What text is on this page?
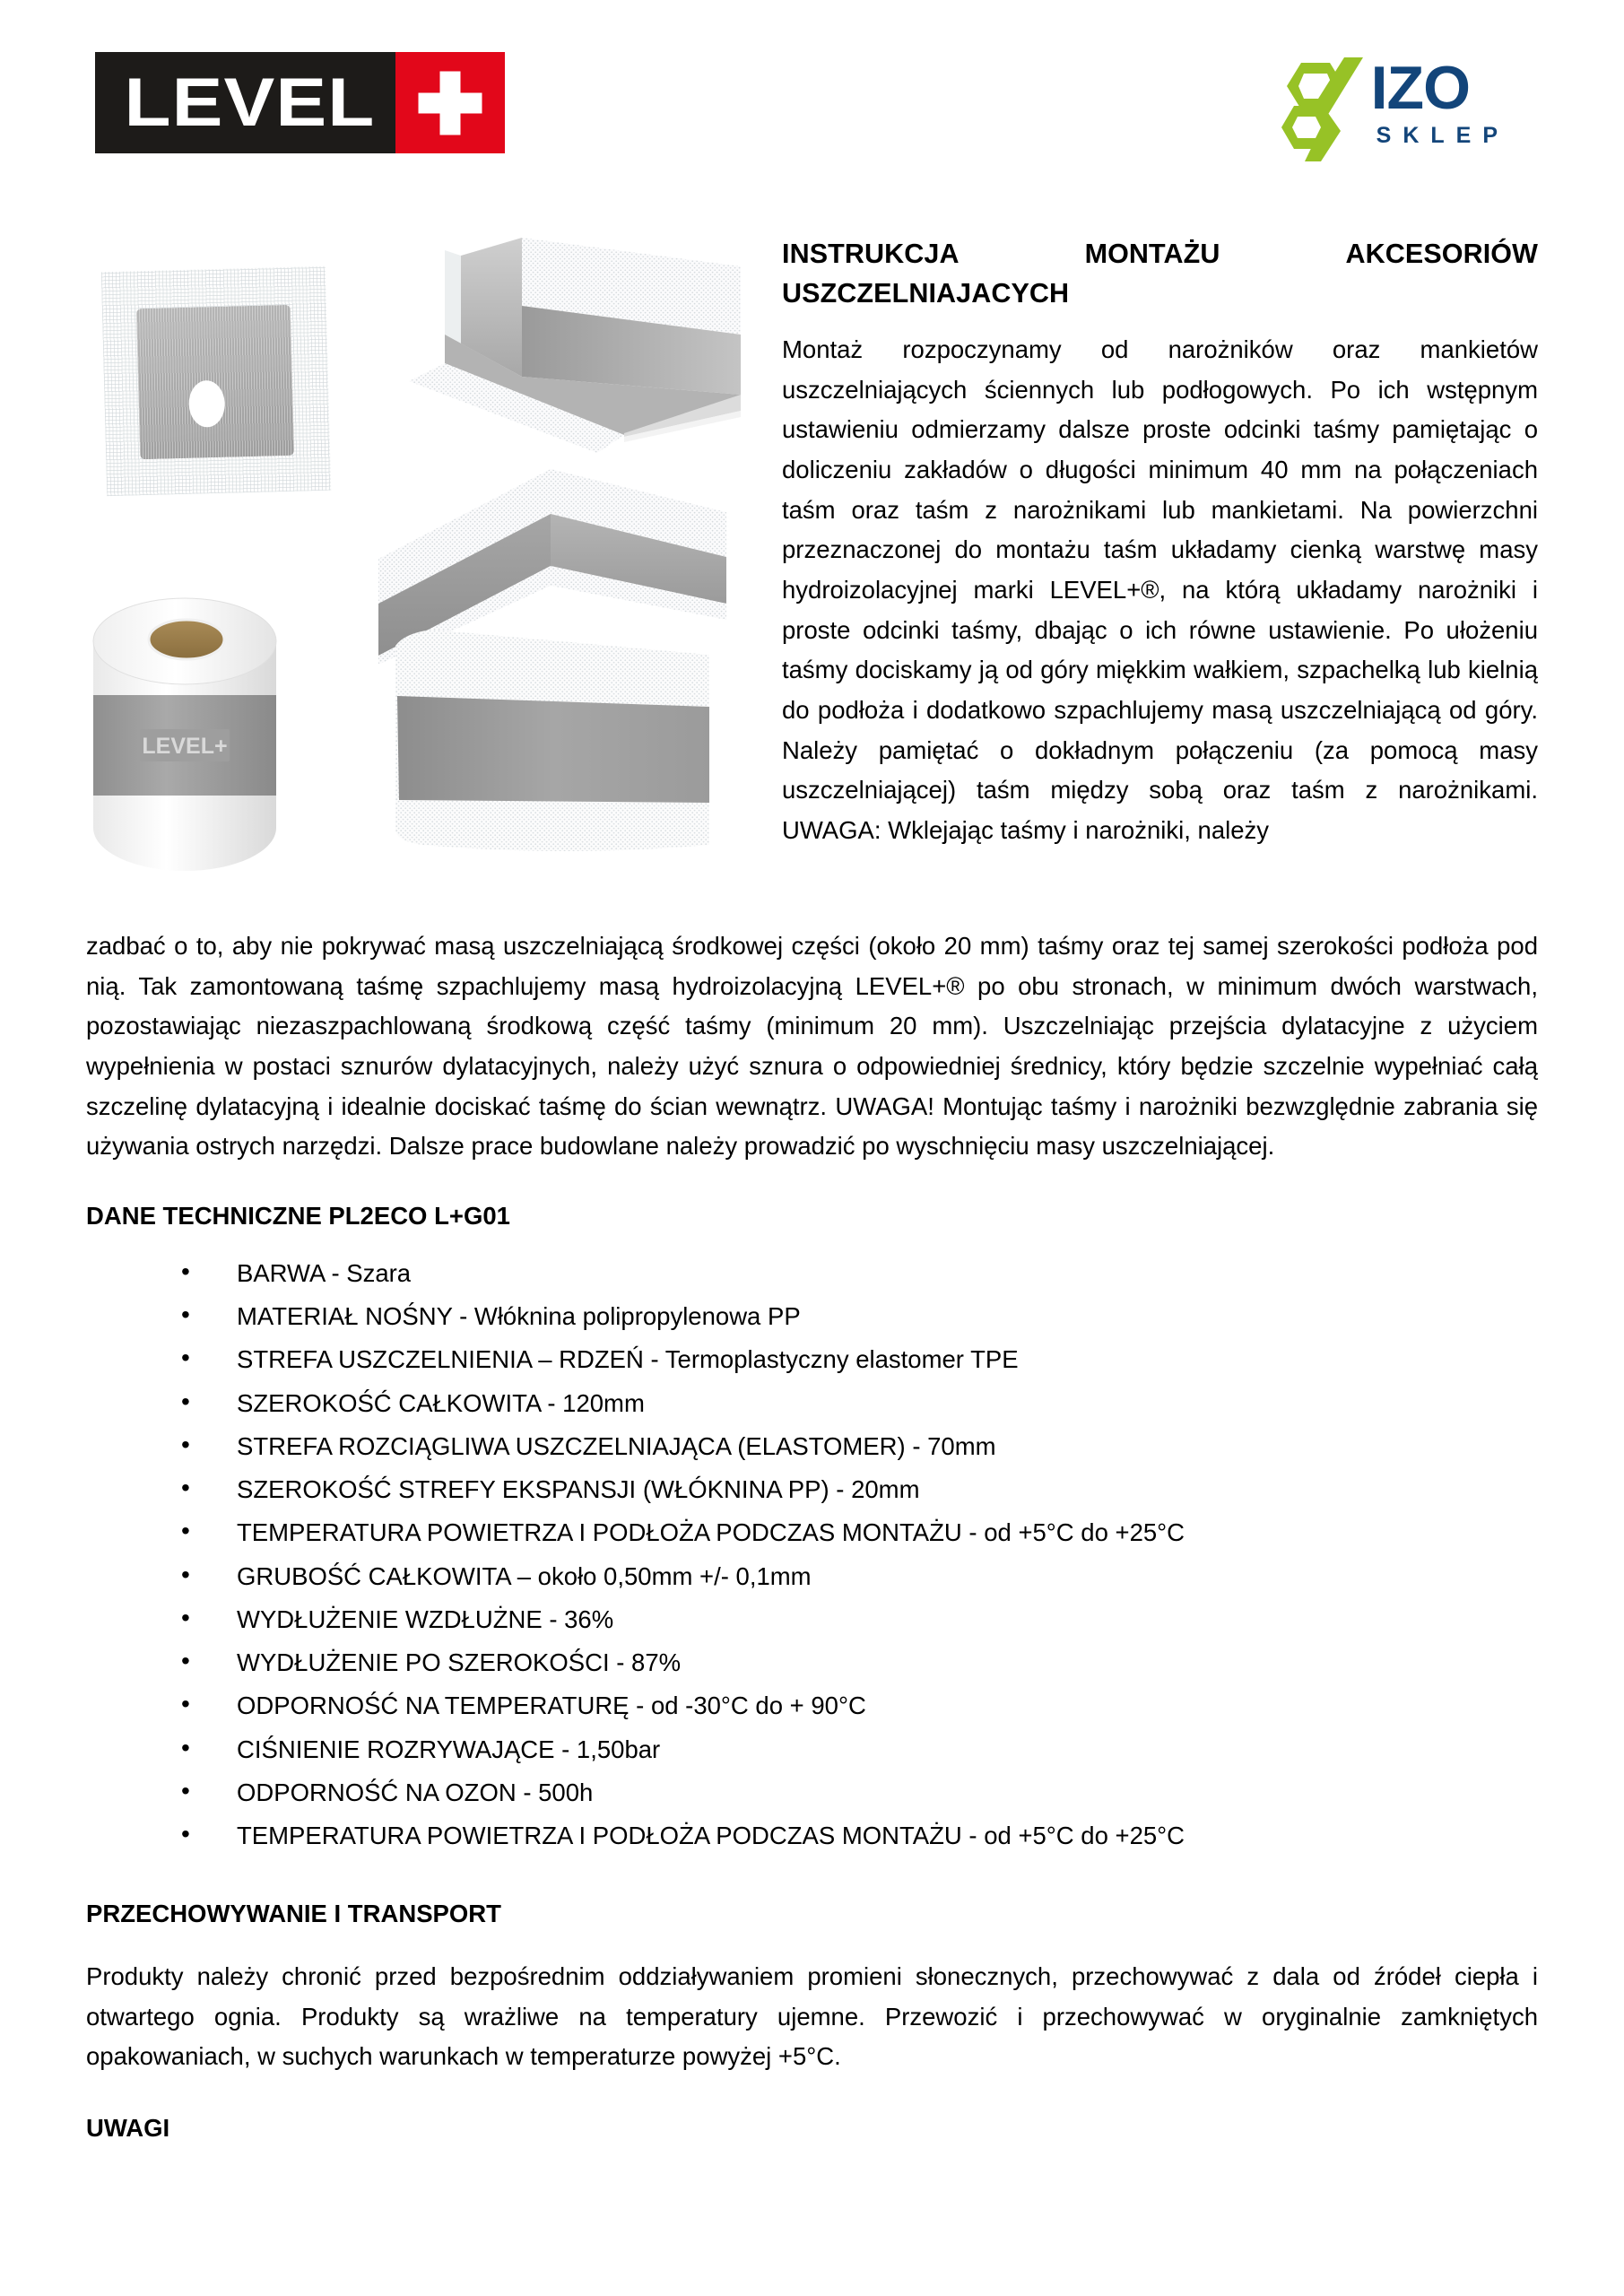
LEVEL	IZO
SKLEP
LEVEL+
INSTRUKCJA MONTAŻU AKCESORIÓW USZCZELNIAJACYCH

Montaż rozpoczynamy od narożników oraz mankietów uszczelniających ściennych lub podłogowych. Po ich wstępnym ustawieniu odmierzamy dalsze proste odcinki taśmy pamiętając o doliczeniu zakładów o długości minimum 40 mm na połączeniach taśm oraz taśm z narożnikami lub mankietami. Na powierzchni przeznaczonej do montażu taśm układamy cienką warstwę masy hydroizolacyjnej marki LEVEL+®, na którą układamy narożniki i proste odcinki taśmy, dbając o ich równe ustawienie. Po ułożeniu taśmy dociskamy ją od góry miękkim wałkiem, szpachelką lub kielnią do podłoża i dodatkowo szpachlujemy masą uszczelniającą od góry. Należy pamiętać o dokładnym połączeniu (za pomocą masy uszczelniającej) taśm między sobą oraz taśm z narożnikami. UWAGA: Wklejając taśmy i narożniki, należy

zadbać o to, aby nie pokrywać masą uszczelniającą środkowej części (około 20 mm) taśmy oraz tej samej szerokości podłoża pod nią. Tak zamontowaną taśmę szpachlujemy masą hydroizolacyjną LEVEL+® po obu stronach, w minimum dwóch warstwach, pozostawiając niezaszpachlowaną środkową część taśmy (minimum 20 mm). Uszczelniając przejścia dylatacyjne z użyciem wypełnienia w postaci sznurów dylatacyjnych, należy użyć sznura o odpowiedniej średnicy, który będzie szczelnie wypełniać całą szczelinę dylatacyjną i idealnie dociskać taśmę do ścian wewnątrz. UWAGA! Montując taśmy i narożniki bezwzględnie zabrania się używania ostrych narzędzi. Dalsze prace budowlane należy prowadzić po wyschnięciu masy uszczelniającej.

DANE TECHNICZNE PL2ECO L+G01
• BARWA - Szara
• MATERIAŁ NOŚNY - Włóknina polipropylenowa PP
• STREFA USZCZELNIENIA – RDZEŃ - Termoplastyczny elastomer TPE
• SZEROKOŚĆ CAŁKOWITA - 120mm
• STREFA ROZCIĄGLIWA USZCZELNIAJĄCA (ELASTOMER) - 70mm
• SZEROKOŚĆ STREFY EKSPANSJI (WŁÓKNINA PP) - 20mm
• TEMPERATURA POWIETRZA I PODŁOŻA PODCZAS MONTAŻU - od +5°C do +25°C
• GRUBOŚĆ CAŁKOWITA – około 0,50mm +/- 0,1mm
• WYDŁUŻENIE WZDŁUŻNE - 36%
• WYDŁUŻENIE PO SZEROKOŚCI - 87%
• ODPORNOŚĆ NA TEMPERATURĘ - od -30°C do + 90°C
• CIŚNIENIE ROZRYWAJĄCE - 1,50bar
• ODPORNOŚĆ NA OZON - 500h
• TEMPERATURA POWIETRZA I PODŁOŻA PODCZAS MONTAŻU - od +5°C do +25°C
PRZECHOWYWANIE I TRANSPORT

Produkty należy chronić przed bezpośrednim oddziaływaniem promieni słonecznych, przechowywać z dala od źródeł ciepła i otwartego ognia. Produkty są wrażliwe na temperatury ujemne. Przewozić i przechowywać w oryginalnie zamkniętych opakowaniach, w suchych warunkach w temperaturze powyżej +5°C.

UWAGI
